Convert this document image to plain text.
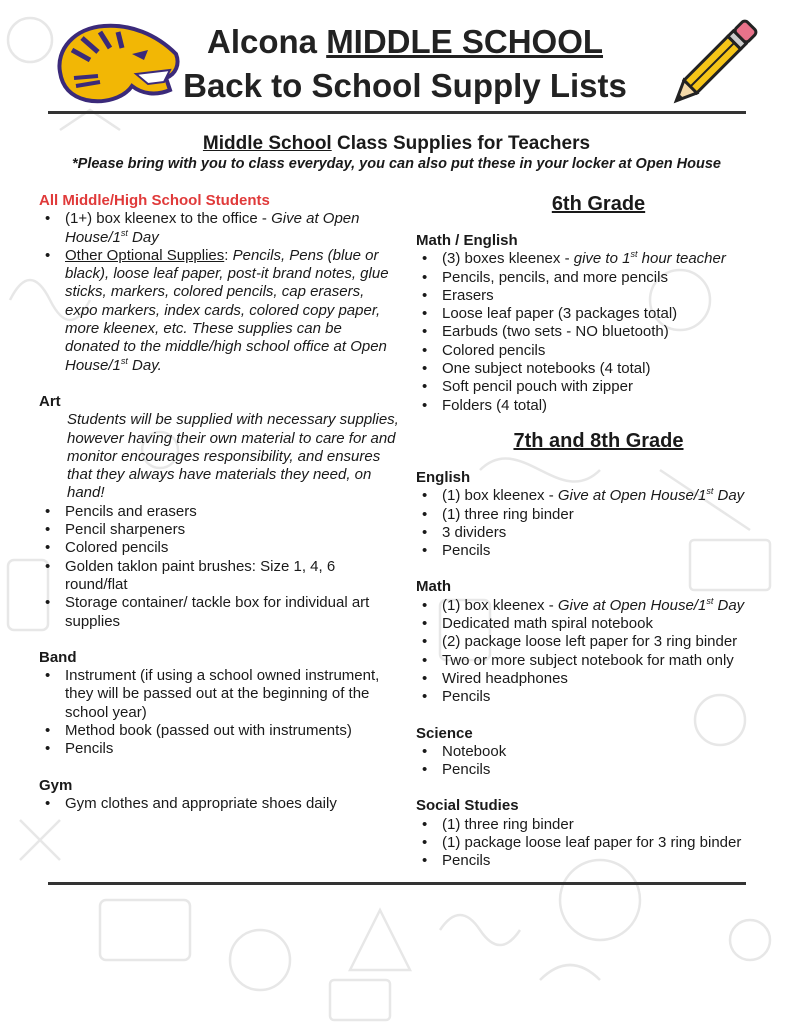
Alcona MIDDLE SCHOOL
Back to School Supply Lists
Middle School Class Supplies for Teachers
*Please bring with you to class everyday, you can also put these in your locker at Open House

All Middle/High School Students

• (1+) box kleenex to the office - Give at Open House/1st Day
• Other Optional Supplies: Pencils, Pens (blue or black), loose leaf paper, post-it brand notes, glue sticks, markers, colored pencils, cap erasers, expo markers, index cards, colored copy paper, more kleenex, etc. These supplies can be donated to the middle/high school office at Open House/1st Day.

Art

Students will be supplied with necessary supplies, however having their own material to care for and monitor encourages responsibility, and ensures that they always have materials they need, on hand!

• Pencils and erasers
• Pencil sharpeners
• Colored pencils
• Golden taklon paint brushes: Size 1, 4, 6 round/flat
• Storage container/ tackle box for individual art supplies

Band

• Instrument (if using a school owned instrument, they will be passed out at the beginning of the school year)
• Method book (passed out with instruments)
• Pencils

Gym

• Gym clothes and appropriate shoes daily

6th Grade

Math / English

• (3) boxes kleenex - give to 1st hour teacher
• Pencils, pencils, and more pencils
• Erasers
• Loose leaf paper (3 packages total)
• Earbuds (two sets - NO bluetooth)
• Colored pencils
• One subject notebooks (4 total)
• Soft pencil pouch with zipper
• Folders (4 total)

7th and 8th Grade

English

• (1) box kleenex - Give at Open House/1st Day
• (1) three ring binder
• 3 dividers
• Pencils

Math

• (1) box kleenex - Give at Open House/1st Day
• Dedicated math spiral notebook
• (2) package loose left paper for 3 ring binder
• Two or more subject notebook for math only
• Wired headphones
• Pencils

Science

• Notebook
• Pencils

Social Studies

• (1) three ring binder
• (1) package loose leaf paper for 3 ring binder
• Pencils
